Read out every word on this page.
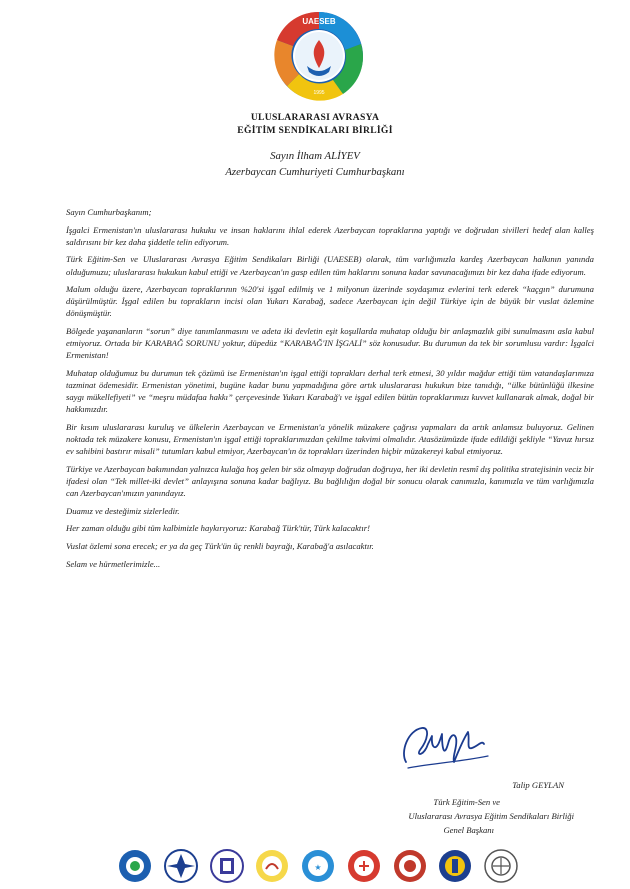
UAESEB
1995
ULUSLARARASI AVRASYA
EĞİTİM SENDİKALARI BİRLİĞİ
Sayın İlham ALİYEV
Azerbaycan Cumhuriyeti Cumhurbaşkanı

Sayın Cumhurbaşkanım;

İşgalci Ermenistan'ın uluslararası hukuku ve insan haklarını ihlal ederek Azerbaycan topraklarına yaptığı ve doğrudan sivilleri hedef alan kalleş saldırısını bir kez daha şiddetle telin ediyorum.

Türk Eğitim-Sen ve Uluslararası Avrasya Eğitim Sendikaları Birliği (UAESEB) olarak, tüm varlığımızla kardeş Azerbaycan halkının yanında olduğumuzu; uluslararası hukukun kabul ettiği ve Azerbaycan'ın gasp edilen tüm haklarını sonuna kadar savunacağımızı bir kez daha ifade ediyorum.

Malum olduğu üzere, Azerbaycan topraklarının %20'si işgal edilmiş ve 1 milyonun üzerinde soydaşımız evlerini terk ederek “kaçgın” durumuna düşürülmüştür. İşgal edilen bu toprakların incisi olan Yukarı Karabağ, sadece Azerbaycan için değil Türkiye için de büyük bir vuslat özlemine dönüşmüştür.

Bölgede yaşananların “sorun” diye tanımlanmasını ve adeta iki devletin eşit koşullarda muhatap olduğu bir anlaşmazlık gibi sunulmasını asla kabul etmiyoruz. Ortada bir KARABAĞ SORUNU yoktur, düpedüz “KARABAĞ'IN İŞGALİ” söz konusudur. Bu durumun da tek bir sorumlusu vardır: İşgalci Ermenistan!

Muhatap olduğumuz bu durumun tek çözümü ise Ermenistan'ın işgal ettiği toprakları derhal terk etmesi, 30 yıldır mağdur ettiği tüm vatandaşlarımıza tazminat ödemesidir. Ermenistan yönetimi, bugüne kadar bunu yapmadığına göre artık uluslararası hukukun bize tanıdığı, “ülke bütünlüğü ilkesine saygı mükellefiyeti” ve “meşru müdafaa hakkı” çerçevesinde Yukarı Karabağ'ı ve işgal edilen bütün topraklarımızı kuvvet kullanarak almak, doğal bir hakkımızdır.

Bir kısım uluslararası kuruluş ve ülkelerin Azerbaycan ve Ermenistan'a yönelik müzakere çağrısı yapmaları da artık anlamsız buluyoruz. Gelinen noktada tek müzakere konusu, Ermenistan'ın işgal ettiği topraklarımızdan çekilme takvimi olmalıdır. Atasözümüzde ifade edildiği şekliyle “Yavuz hırsız ev sahibini bastırır misali” tutumları kabul etmiyor, Azerbaycan'ın öz toprakları üzerinden hiçbir müzakereyi kabul etmiyoruz.

Türkiye ve Azerbaycan bakımından yalnızca kulağa hoş gelen bir söz olmayıp doğrudan doğruya, her iki devletin resmî dış politika stratejisinin veciz bir ifadesi olan “Tek millet-iki devlet” anlayışına sonuna kadar bağlıyız. Bu bağlılığın doğal bir sonucu olarak canımızla, kanımızla ve tüm varlığımızla can Azerbaycan'ımızın yanındayız.

Duamız ve desteğimiz sizlerledir.

Her zaman olduğu gibi tüm kalbimizle haykırıyoruz: Karabağ Türk'tür, Türk kalacaktır!

Vuslat özlemi sona erecek; er ya da geç Türk'ün üç renkli bayrağı, Karabağ'a asılacaktır.

Selam ve hürmetlerimizle...

Talip GEYLAN
Türk Eğitim-Sen ve
Uluslararası Avrasya Eğitim Sendikaları Birliği
Genel Başkanı
★
